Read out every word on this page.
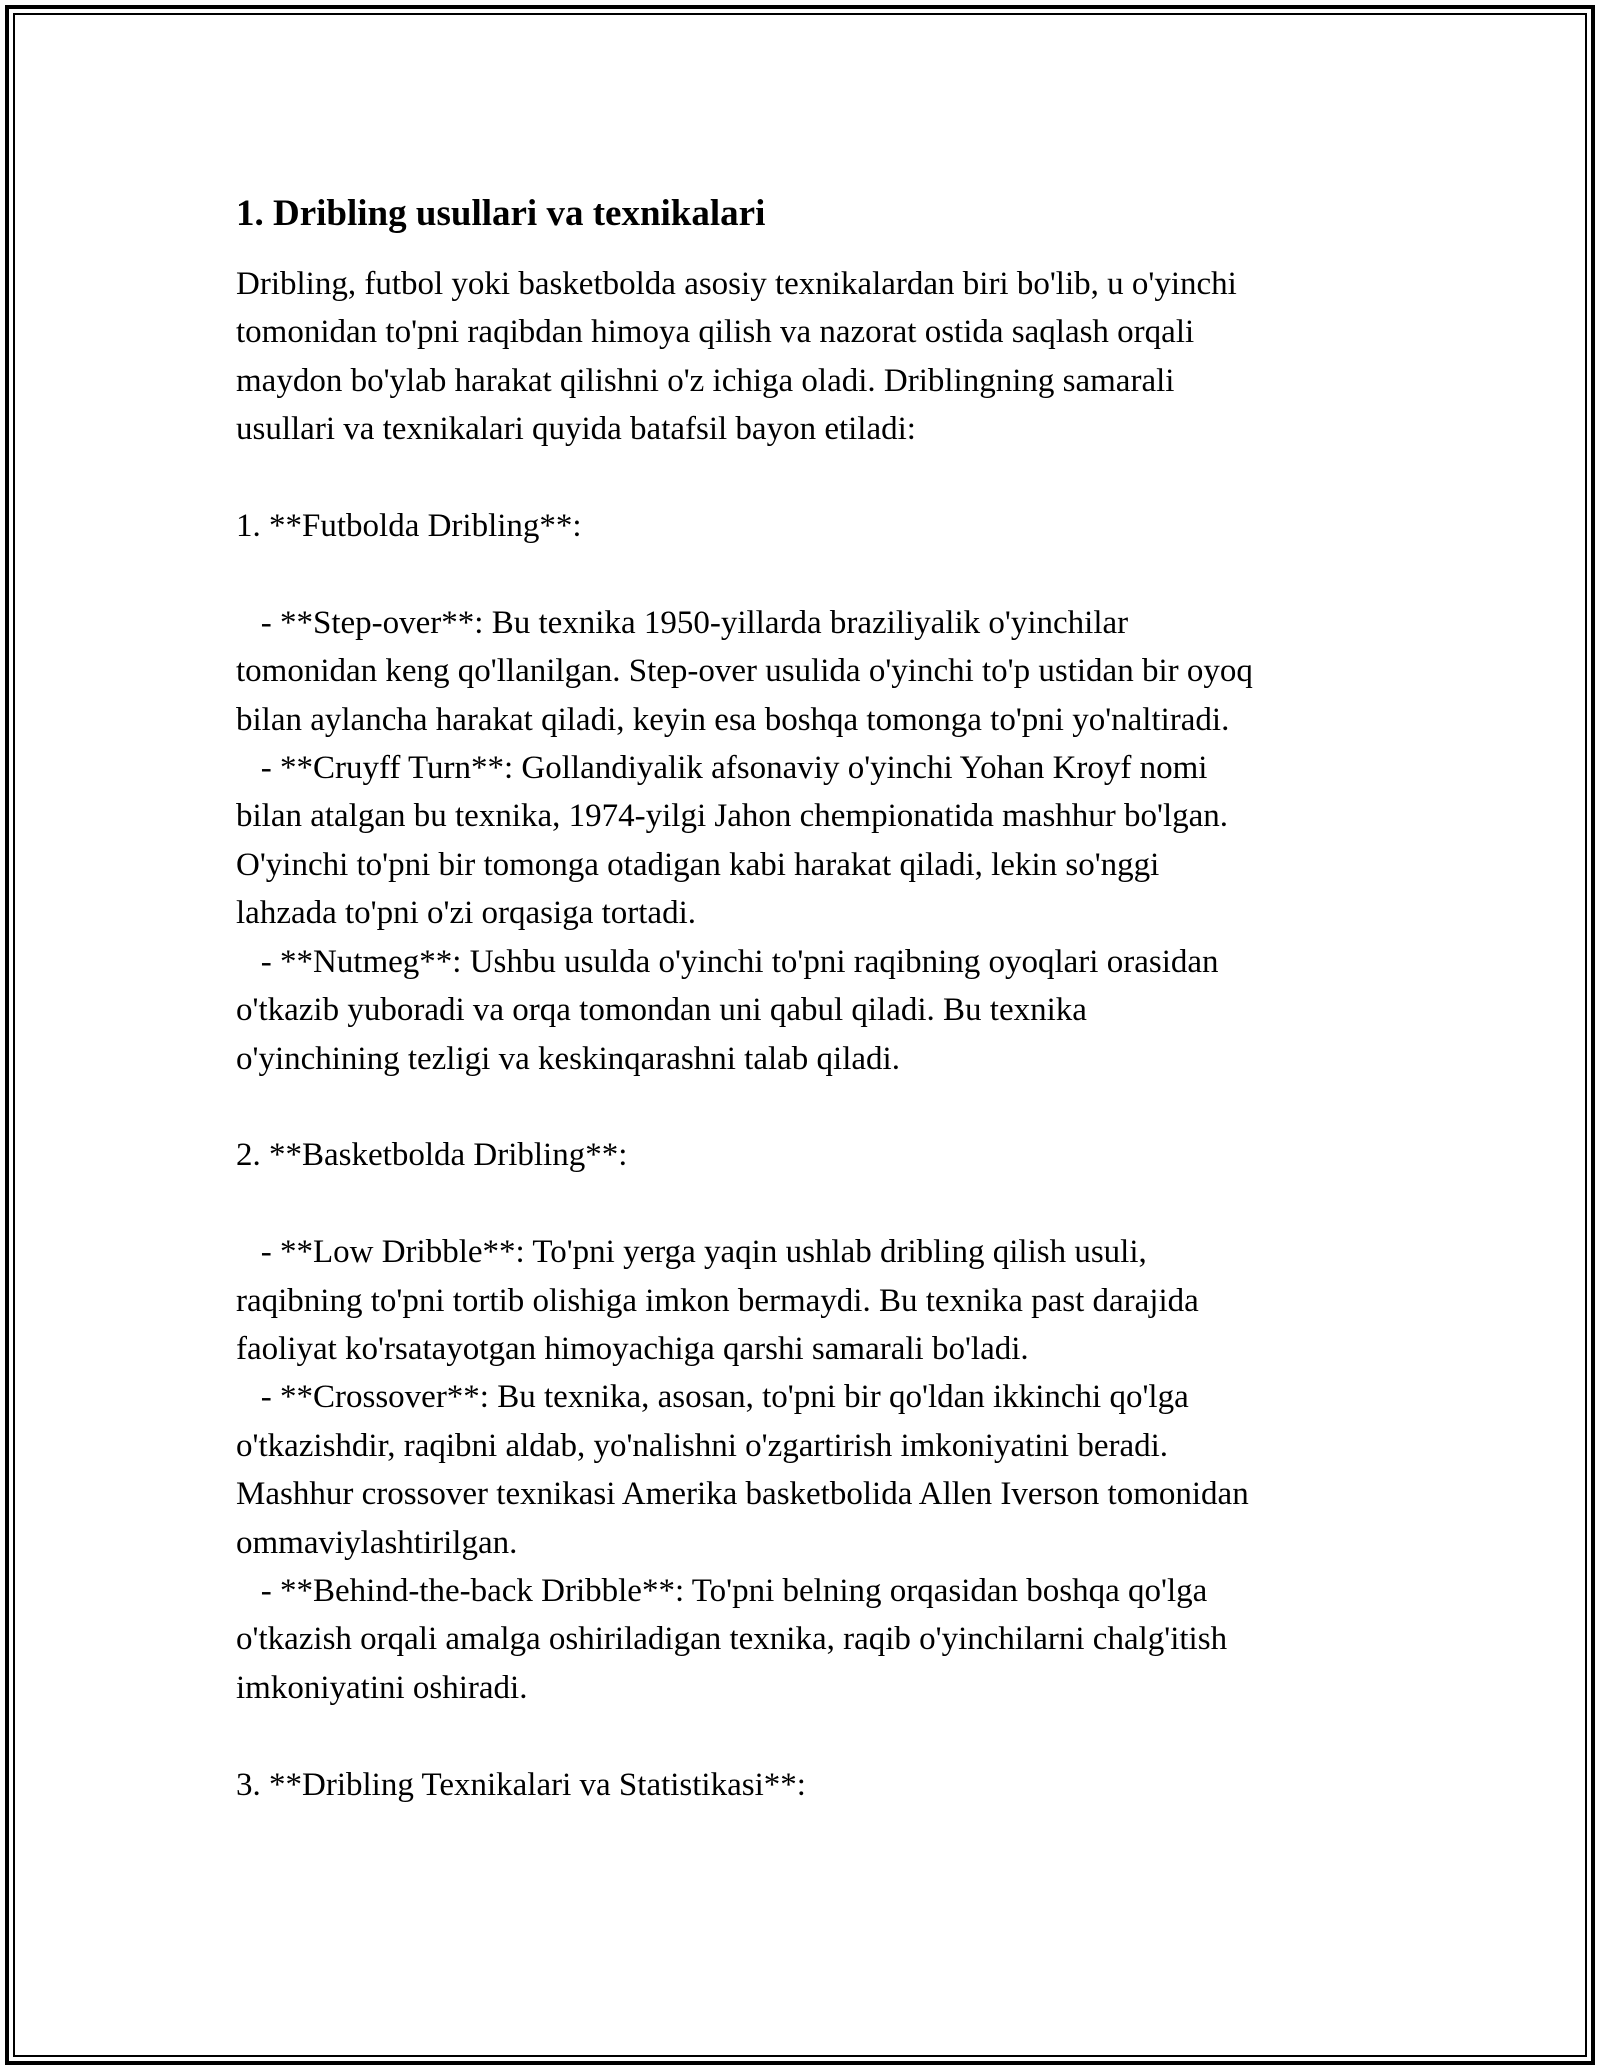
1. Dribling usullari va texnikalari

Dribling, futbol yoki basketbolda asosiy texnikalardan biri bo'lib, u o'yinchi
tomonidan to'pni raqibdan himoya qilish va nazorat ostida saqlash orqali
maydon bo'ylab harakat qilishni o'z ichiga oladi. Driblingning samarali
usullari va texnikalari quyida batafsil bayon etiladi:

1. **Futbolda Dribling**:

- **Step-over**: Bu texnika 1950-yillarda braziliyalik o'yinchilar
tomonidan keng qo'llanilgan. Step-over usulida o'yinchi to'p ustidan bir oyoq
bilan aylancha harakat qiladi, keyin esa boshqa tomonga to'pni yo'naltiradi.
- **Cruyff Turn**: Gollandiyalik afsonaviy o'yinchi Yohan Kroyf nomi
bilan atalgan bu texnika, 1974-yilgi Jahon chempionatida mashhur bo'lgan.
O'yinchi to'pni bir tomonga otadigan kabi harakat qiladi, lekin so'nggi
lahzada to'pni o'zi orqasiga tortadi.
- **Nutmeg**: Ushbu usulda o'yinchi to'pni raqibning oyoqlari orasidan
o'tkazib yuboradi va orqa tomondan uni qabul qiladi. Bu texnika
o'yinchining tezligi va keskinqarashni talab qiladi.

2. **Basketbolda Dribling**:

- **Low Dribble**: To'pni yerga yaqin ushlab dribling qilish usuli,
raqibning to'pni tortib olishiga imkon bermaydi. Bu texnika past darajida
faoliyat ko'rsatayotgan himoyachiga qarshi samarali bo'ladi.
- **Crossover**: Bu texnika, asosan, to'pni bir qo'ldan ikkinchi qo'lga
o'tkazishdir, raqibni aldab, yo'nalishni o'zgartirish imkoniyatini beradi.
Mashhur crossover texnikasi Amerika basketbolida Allen Iverson tomonidan
ommaviylashtirilgan.
- **Behind-the-back Dribble**: To'pni belning orqasidan boshqa qo'lga
o'tkazish orqali amalga oshiriladigan texnika, raqib o'yinchilarni chalg'itish
imkoniyatini oshiradi.

3. **Dribling Texnikalari va Statistikasi**:
